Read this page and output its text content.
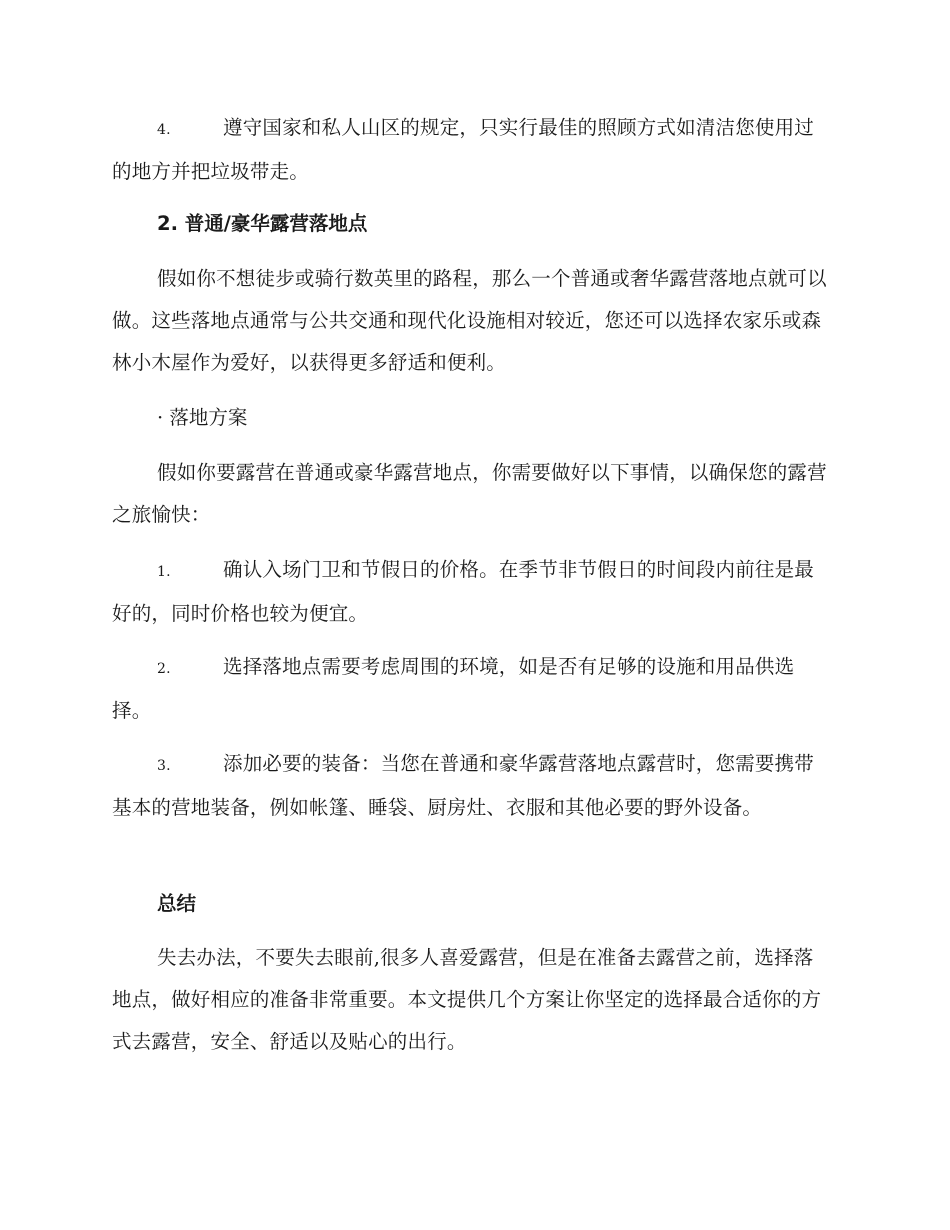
4.	遵守国家和私人山区的规定，只实行最佳的照顾方式如清洁您使用过的地方并把垃圾带走。
2. 普通/豪华露营落地点
假如你不想徒步或骑行数英里的路程，那么一个普通或奢华露营落地点就可以做。这些落地点通常与公共交通和现代化设施相对较近，您还可以选择农家乐或森林小木屋作为爱好，以获得更多舒适和便利。
· 落地方案
假如你要露营在普通或豪华露营地点，你需要做好以下事情，以确保您的露营之旅愉快：
1.	确认入场门卫和节假日的价格。在季节非节假日的时间段内前往是最好的，同时价格也较为便宜。
2.	选择落地点需要考虑周围的环境，如是否有足够的设施和用品供选择。
3.	添加必要的装备：当您在普通和豪华露营落地点露营时，您需要携带基本的营地装备，例如帐篷、睡袋、厨房灶、衣服和其他必要的野外设备。
总结
失去办法，不要失去眼前,很多人喜爱露营，但是在准备去露营之前，选择落地点，做好相应的准备非常重要。本文提供几个方案让你坚定的选择最合适你的方式去露营，安全、舒适以及贴心的出行。
